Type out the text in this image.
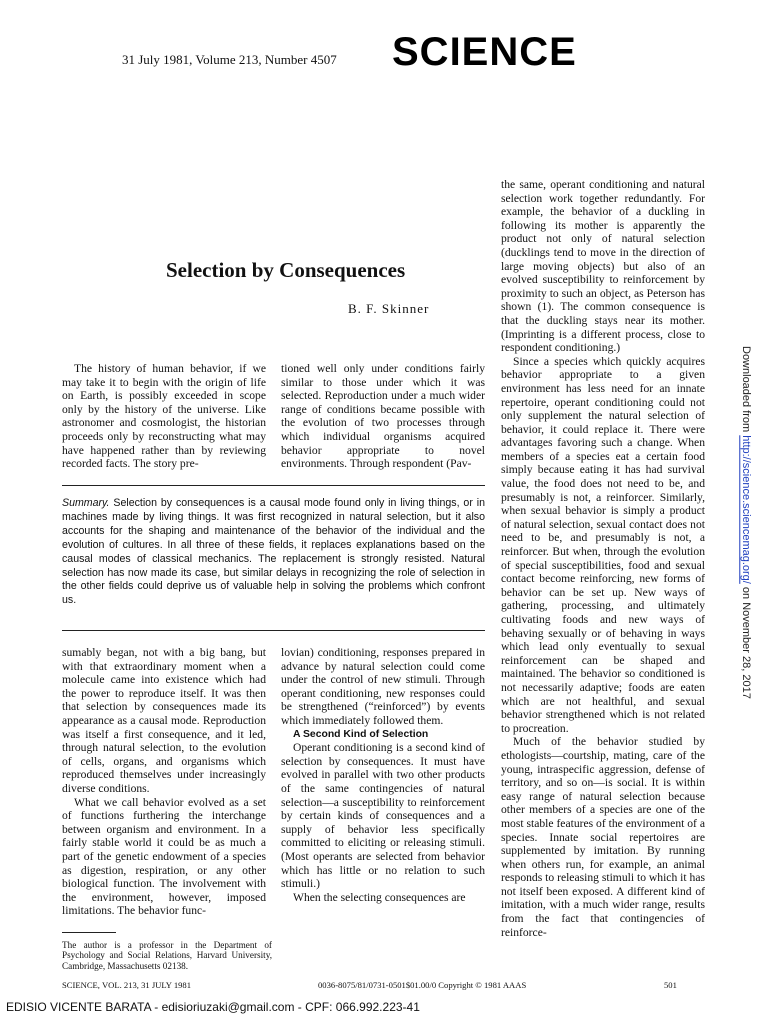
31 July 1981, Volume 213, Number 4507 SCIENCE
Selection by Consequences
B. F. Skinner

The history of human behavior, if we may take it to begin with the origin of life on Earth, is possibly exceeded in scope only by the history of the universe. Like astronomer and cosmologist, the historian proceeds only by reconstructing what may have happened rather than by reviewing recorded facts. The story pre-

tioned well only under conditions fairly similar to those under which it was selected. Reproduction under a much wider range of conditions became possible with the evolution of two processes through which individual organisms acquired behavior appropriate to novel environments. Through respondent (Pav-

Summary. Selection by consequences is a causal mode found only in living things, or in machines made by living things. It was first recognized in natural selection, but it also accounts for the shaping and maintenance of the behavior of the individual and the evolution of cultures. In all three of these fields, it replaces explanations based on the causal modes of classical mechanics. The replacement is strongly resisted. Natural selection has now made its case, but similar delays in recognizing the role of selection in the other fields could deprive us of valuable help in solving the problems which confront us.

sumably began, not with a big bang, but with that extraordinary moment when a molecule came into existence which had the power to reproduce itself. It was then that selection by consequences made its appearance as a causal mode. Reproduction was itself a first consequence, and it led, through natural selection, to the evolution of cells, organs, and organisms which reproduced themselves under increasingly diverse conditions.

What we call behavior evolved as a set of functions furthering the interchange between organism and environment. In a fairly stable world it could be as much a part of the genetic endowment of a species as digestion, respiration, or any other biological function. The involvement with the environment, however, imposed limitations. The behavior func-

lovian) conditioning, responses prepared in advance by natural selection could come under the control of new stimuli. Through operant conditioning, new responses could be strengthened (“reinforced”) by events which immediately followed them.

A Second Kind of Selection

Operant conditioning is a second kind of selection by consequences. It must have evolved in parallel with two other products of the same contingencies of natural selection—a susceptibility to reinforcement by certain kinds of consequences and a supply of behavior less specifically committed to eliciting or releasing stimuli. (Most operants are selected from behavior which has little or no relation to such stimuli.)

When the selecting consequences are

the same, operant conditioning and natural selection work together redundantly. For example, the behavior of a duckling in following its mother is apparently the product not only of natural selection (ducklings tend to move in the direction of large moving objects) but also of an evolved susceptibility to reinforcement by proximity to such an object, as Peterson has shown (1). The common consequence is that the duckling stays near its mother. (Imprinting is a different process, close to respondent conditioning.)

Since a species which quickly acquires behavior appropriate to a given environment has less need for an innate repertoire, operant conditioning could not only supplement the natural selection of behavior, it could replace it. There were advantages favoring such a change. When members of a species eat a certain food simply because eating it has had survival value, the food does not need to be, and presumably is not, a reinforcer. Similarly, when sexual behavior is simply a product of natural selection, sexual contact does not need to be, and presumably is not, a reinforcer. But when, through the evolution of special susceptibilities, food and sexual contact become reinforcing, new forms of behavior can be set up. New ways of gathering, processing, and ultimately cultivating foods and new ways of behaving sexually or of behaving in ways which lead only eventually to sexual reinforcement can be shaped and maintained. The behavior so conditioned is not necessarily adaptive; foods are eaten which are not healthful, and sexual behavior strengthened which is not related to procreation.

Much of the behavior studied by ethologists—courtship, mating, care of the young, intraspecific aggression, defense of territory, and so on—is social. It is within easy range of natural selection because other members of a species are one of the most stable features of the environment of a species. Innate social repertoires are supplemented by imitation. By running when others run, for example, an animal responds to releasing stimuli to which it has not itself been exposed. A different kind of imitation, with a much wider range, results from the fact that contingencies of reinforce-

The author is a professor in the Department of Psychology and Social Relations, Harvard University, Cambridge, Massachusetts 02138.
SCIENCE, VOL. 213, 31 JULY 1981	0036-8075/81/0731-0501$01.00/0 Copyright © 1981 AAAS	501
EDISIO VICENTE BARATA - edisioriuzaki@gmail.com - CPF: 066.992.223-41
Downloaded from http://science.sciencemag.org/ on November 28, 2017
